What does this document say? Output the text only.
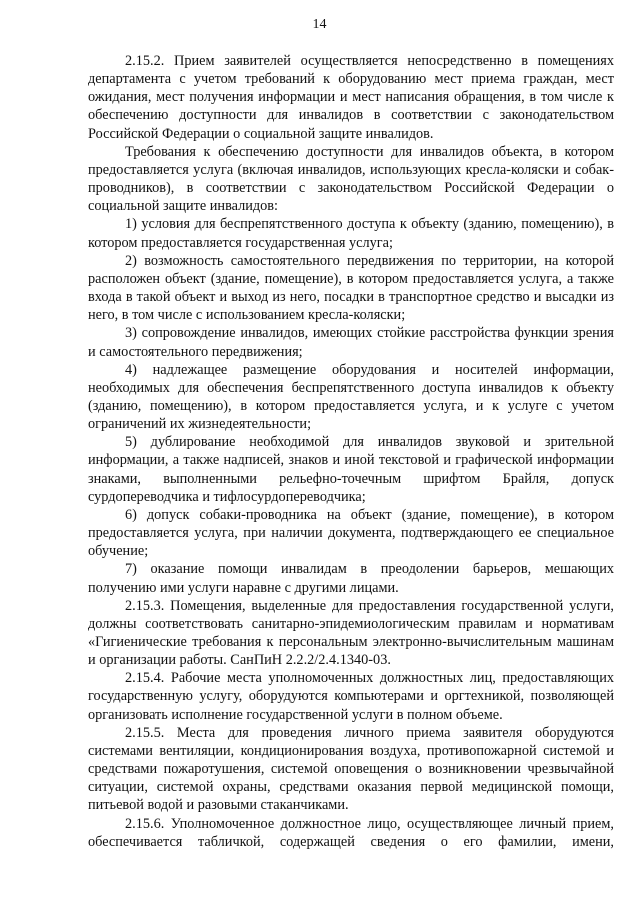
14

2.15.2. Прием заявителей осуществляется непосредственно в помещениях департамента с учетом требований к оборудованию мест приема граждан, мест ожидания, мест получения информации и мест написания обращения, в том числе к обеспечению доступности для инвалидов в соответствии с законодательством Российской Федерации о социальной защите инвалидов.

Требования к обеспечению доступности для инвалидов объекта, в котором предоставляется услуга (включая инвалидов, использующих кресла-коляски и собак-проводников), в соответствии с законодательством Российской Федерации о социальной защите инвалидов:

1) условия для беспрепятственного доступа к объекту (зданию, помещению), в котором предоставляется государственная услуга;

2) возможность самостоятельного передвижения по территории, на которой расположен объект (здание, помещение), в котором предоставляется услуга, а также входа в такой объект и выход из него, посадки в транспортное средство и высадки из него, в том числе с использованием кресла-коляски;

3) сопровождение инвалидов, имеющих стойкие расстройства функции зрения и самостоятельного передвижения;

4) надлежащее размещение оборудования и носителей информации, необходимых для обеспечения беспрепятственного доступа инвалидов к объекту (зданию, помещению), в котором предоставляется услуга, и к услуге с учетом ограничений их жизнедеятельности;

5) дублирование необходимой для инвалидов звуковой и зрительной информации, а также надписей, знаков и иной текстовой и графической информации знаками, выполненными рельефно-точечным шрифтом Брайля, допуск сурдопереводчика и тифлосурдопереводчика;

6) допуск собаки-проводника на объект (здание, помещение), в котором предоставляется услуга, при наличии документа, подтверждающего ее специальное обучение;

7) оказание помощи инвалидам в преодолении барьеров, мешающих получению ими услуги наравне с другими лицами.

2.15.3. Помещения, выделенные для предоставления государственной услуги, должны соответствовать санитарно-эпидемиологическим правилам и нормативам «Гигиенические требования к персональным электронно-вычислительным машинам и организации работы. СанПиН 2.2.2/2.4.1340-03.

2.15.4. Рабочие места уполномоченных должностных лиц, предоставляющих государственную услугу, оборудуются компьютерами и оргтехникой, позволяющей организовать исполнение государственной услуги в полном объеме.

2.15.5. Места для проведения личного приема заявителя оборудуются системами вентиляции, кондиционирования воздуха, противопожарной системой и средствами пожаротушения, системой оповещения о возникновении чрезвычайной ситуации, системой охраны, средствами оказания первой медицинской помощи, питьевой водой и разовыми стаканчиками.

2.15.6. Уполномоченное должностное лицо, осуществляющее личный прием, обеспечивается табличкой, содержащей сведения о его фамилии, имени,
